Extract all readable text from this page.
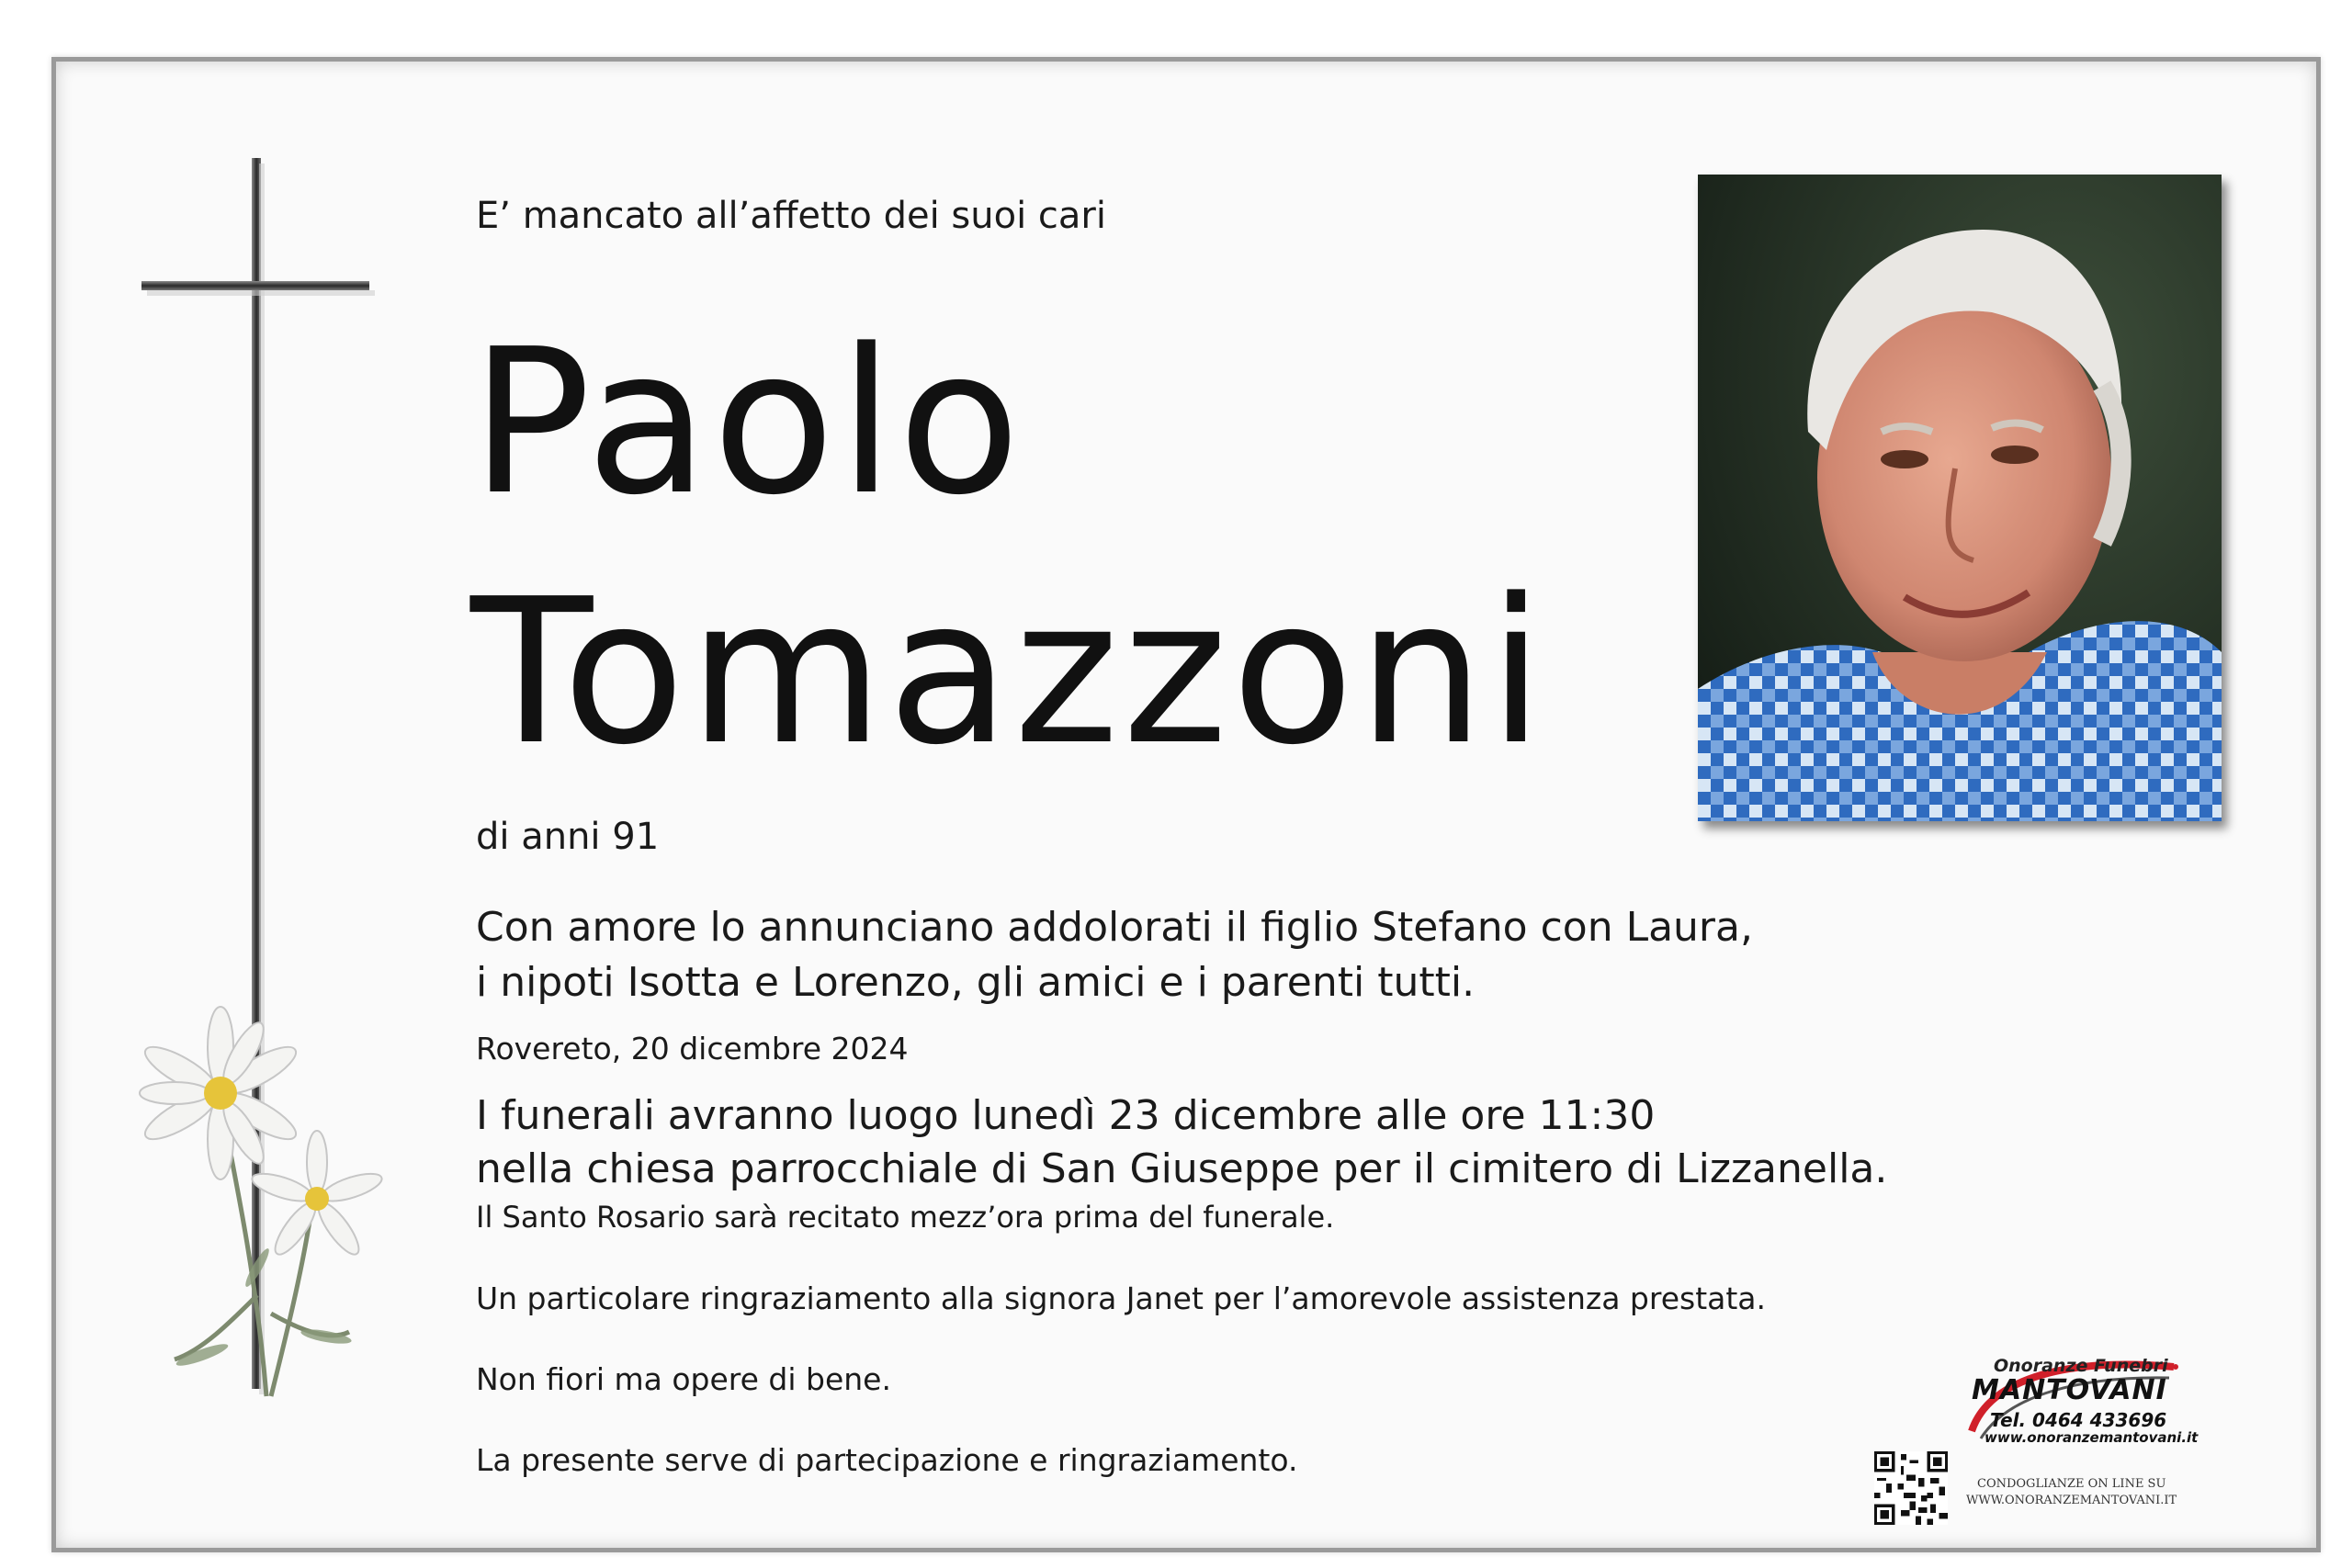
E’ mancato all’affetto dei suoi cari
Paolo
Tomazzoni
di anni 91
Con amore lo annunciano addolorati il figlio Stefano con Laura,
i nipoti Isotta e Lorenzo, gli amici e i parenti tutti.
Rovereto, 20 dicembre 2024
I funerali avranno luogo lunedì 23 dicembre alle ore 11:30
nella chiesa parrocchiale di San Giuseppe per il cimitero di Lizzanella.
Il Santo Rosario sarà recitato mezz’ora prima del funerale.
Un particolare ringraziamento alla signora Janet per l’amorevole assistenza prestata.
Non fiori ma opere di bene.
La presente serve di partecipazione e ringraziamento.
Onoranze Funebri
MANTOVANI
Tel. 0464 433696
www.onoranzemantovani.it
CONDOGLIANZE ON LINE SU
WWW.ONORANZEMANTOVANI.IT
